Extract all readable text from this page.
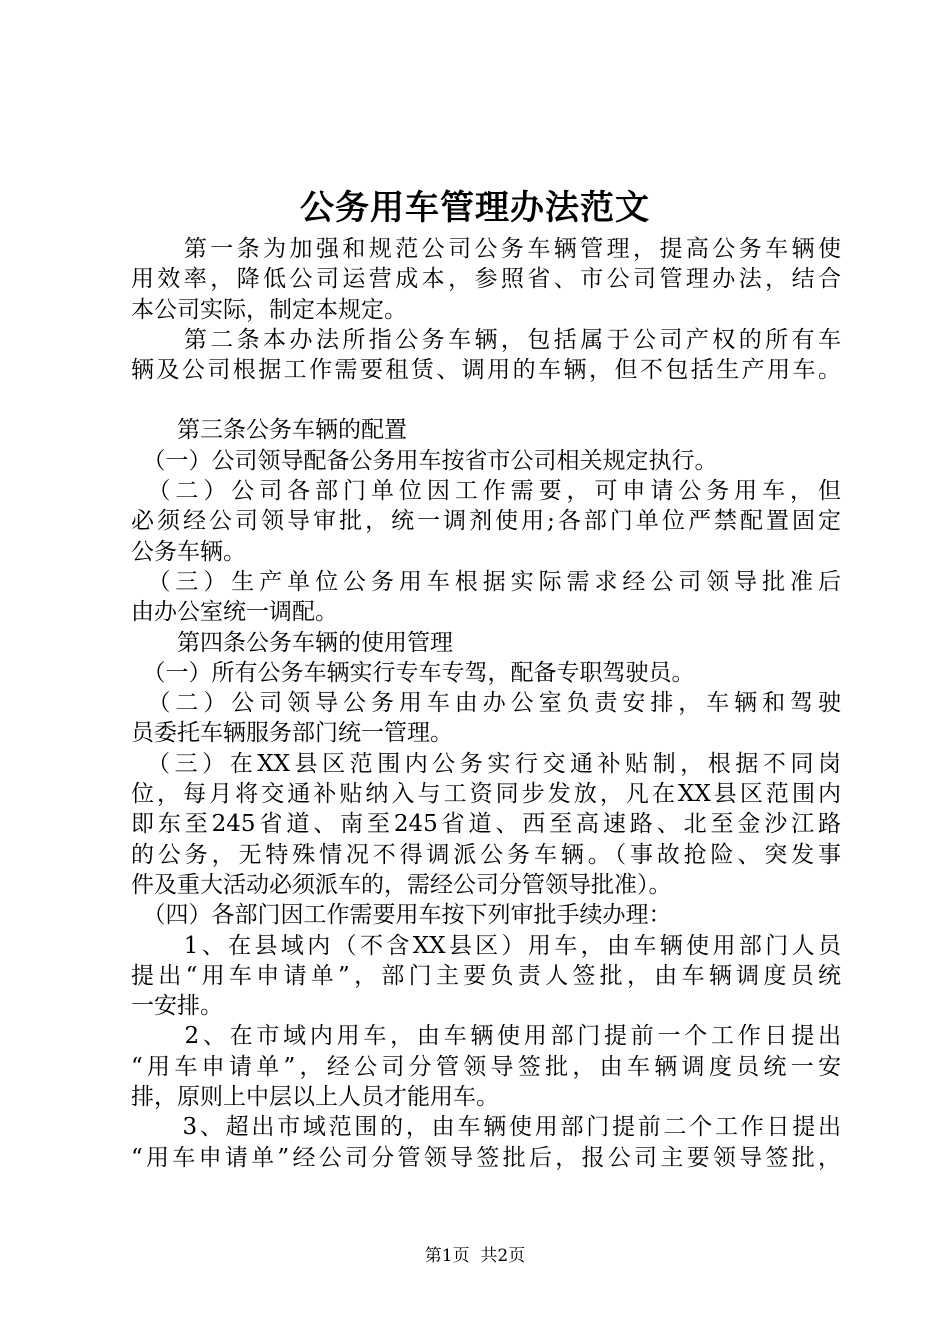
公务用车管理办法范文
　　第一条为加强和规范公司公务车辆管理，提高公务车辆使
用效率，降低公司运营成本，参照省、市公司管理办法，结合
本公司实际，制定本规定。
　　第二条本办法所指公务车辆，包括属于公司产权的所有车
辆及公司根据工作需要租赁、调用的车辆，但不包括生产用车。
　　第三条公务车辆的配置
　（一）公司领导配备公务用车按省市公司相关规定执行。
　（二）公司各部门单位因工作需要，可申请公务用车，但
必须经公司领导审批，统一调剂使用;各部门单位严禁配置固定
公务车辆。
　（三）生产单位公务用车根据实际需求经公司领导批准后
由办公室统一调配。
　　第四条公务车辆的使用管理
　（一）所有公务车辆实行专车专驾，配备专职驾驶员。
　（二）公司领导公务用车由办公室负责安排，车辆和驾驶
员委托车辆服务部门统一管理。
　（三）在XX县区范围内公务实行交通补贴制，根据不同岗
位，每月将交通补贴纳入与工资同步发放，凡在XX县区范围内
即东至245省道、南至245省道、西至高速路、北至金沙江路
的公务，无特殊情况不得调派公务车辆。（事故抢险、突发事
件及重大活动必须派车的，需经公司分管领导批准）。
　（四）各部门因工作需要用车按下列审批手续办理：
　　1、在县域内（不含XX县区）用车，由车辆使用部门人员
提出“用车申请单”，部门主要负责人签批，由车辆调度员统
一安排。
　　2、在市域内用车，由车辆使用部门提前一个工作日提出
“用车申请单”，经公司分管领导签批，由车辆调度员统一安
排，原则上中层以上人员才能用车。
　　3、超出市域范围的，由车辆使用部门提前二个工作日提出
“用车申请单”经公司分管领导签批后，报公司主要领导签批，
第1页  共2页
